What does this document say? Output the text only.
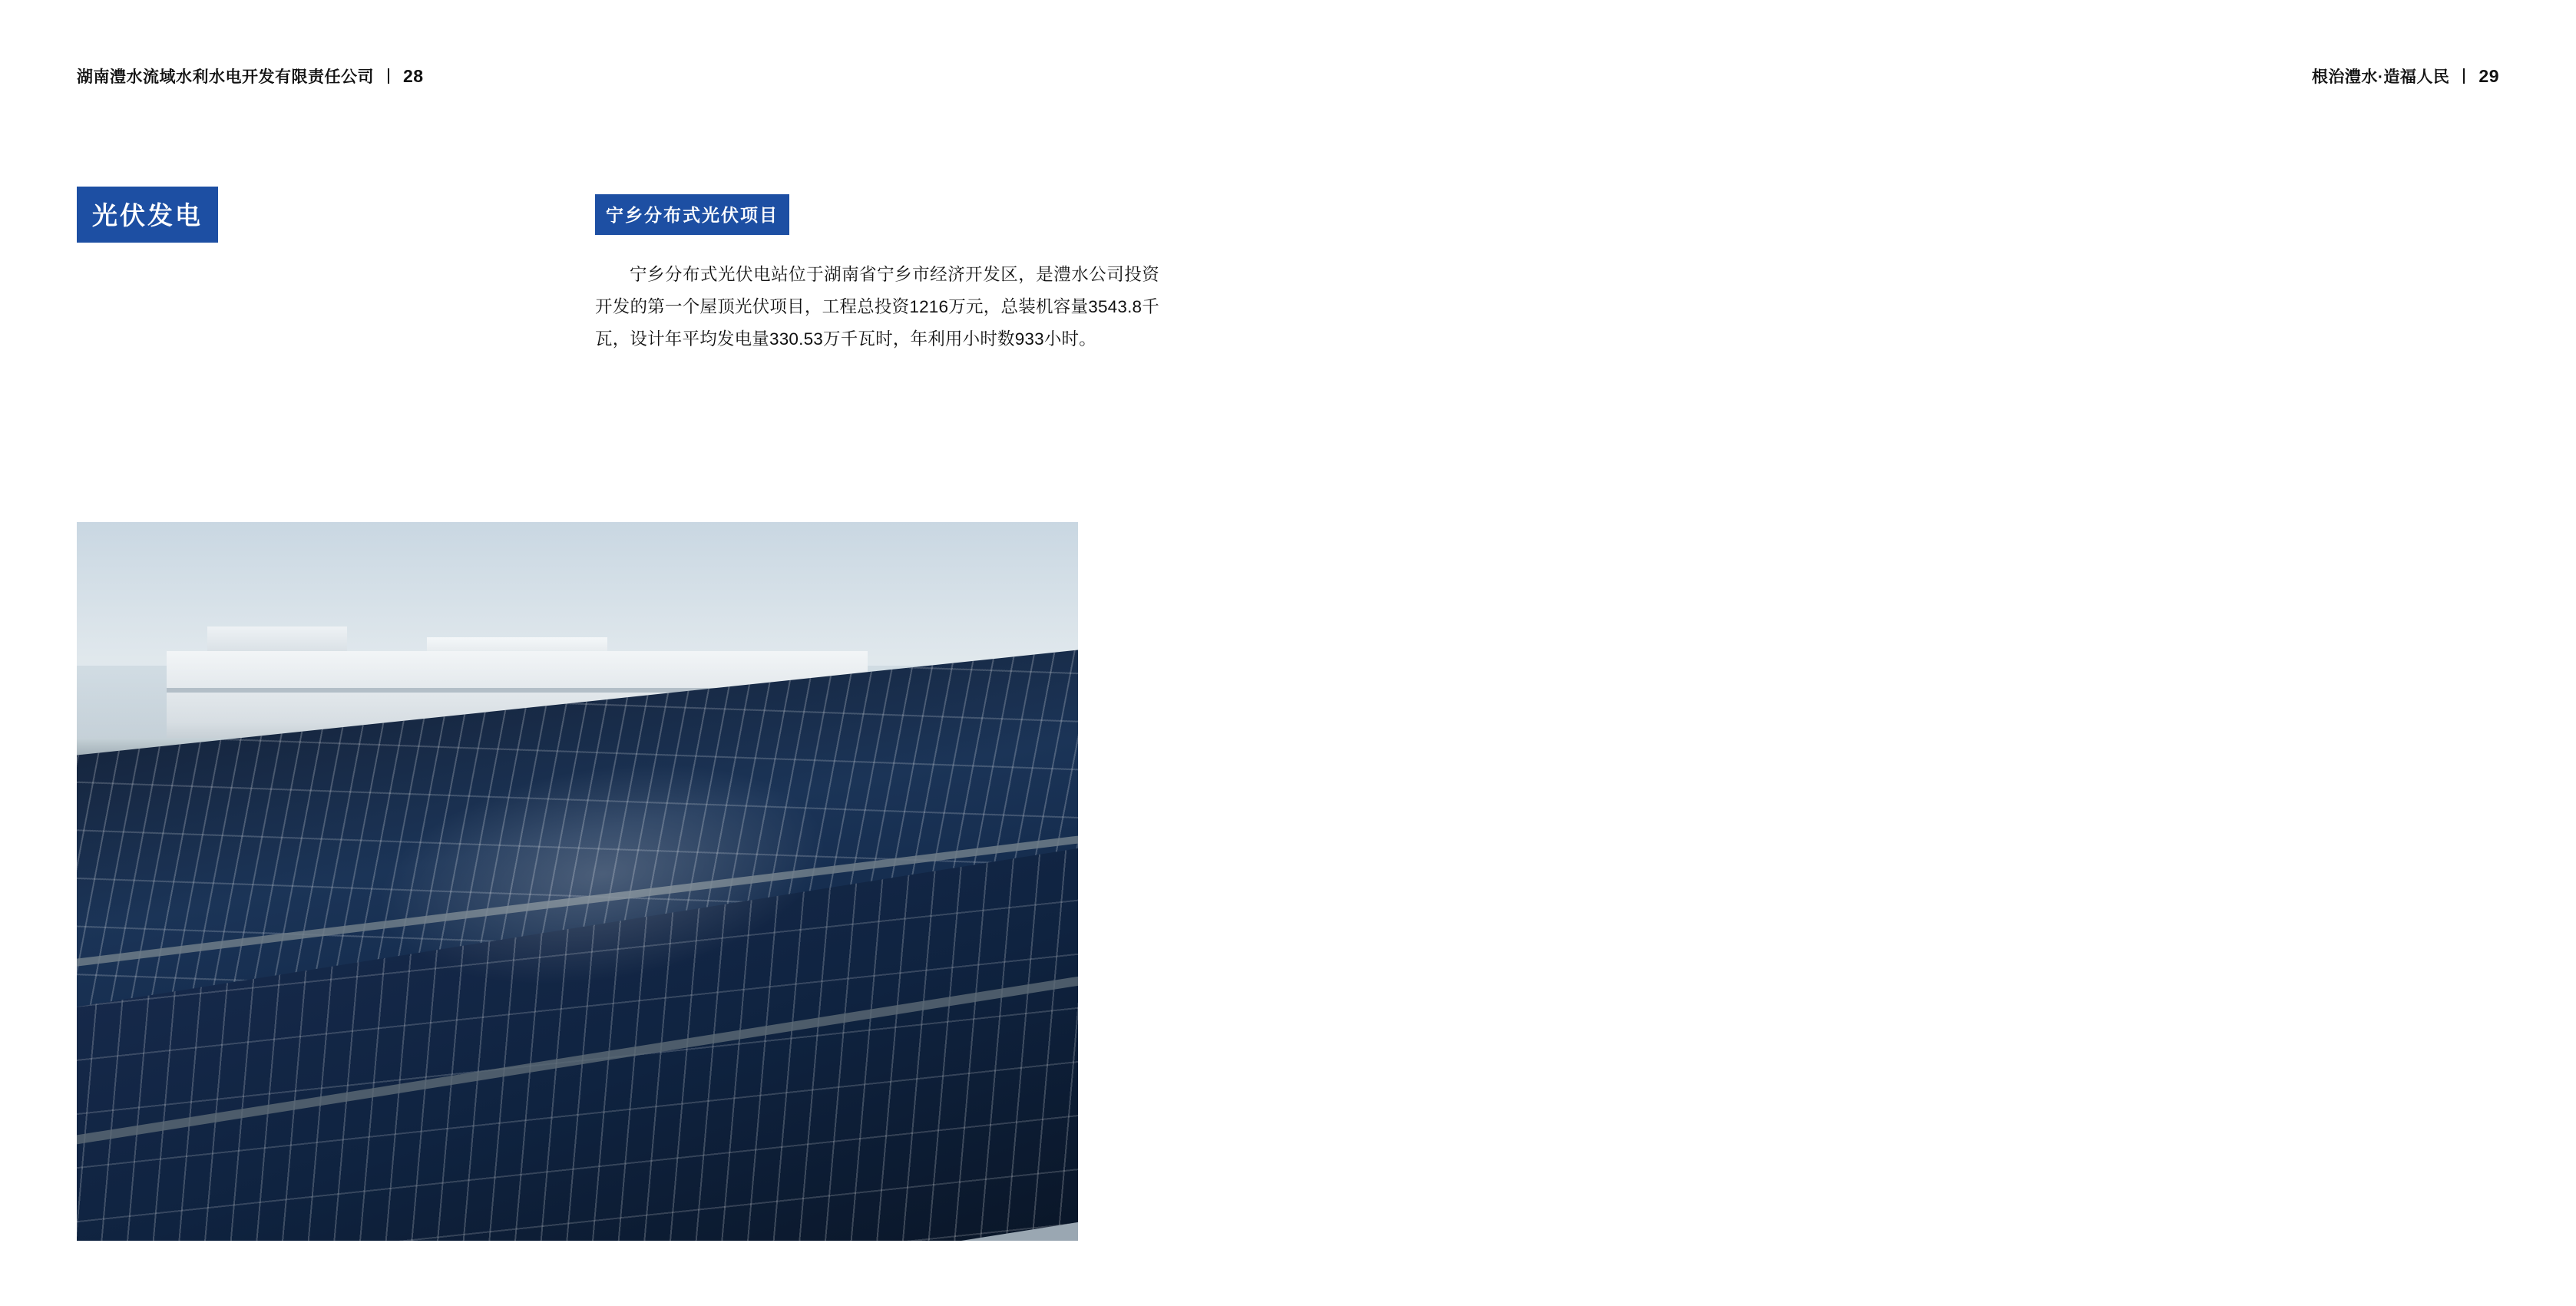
湖南澧水流域水利水电开发有限责任公司 28
光伏发电	宁乡分布式光伏项目

宁乡分布式光伏电站位于湖南省宁乡市经济开发区，是澧水公司投资开发的第一个屋顶光伏项目，工程总投资1216万元，总装机容量3543.8千瓦，设计年平均发电量330.53万千瓦时，年利用小时数933小时。

根治澧水·造福人民 29
